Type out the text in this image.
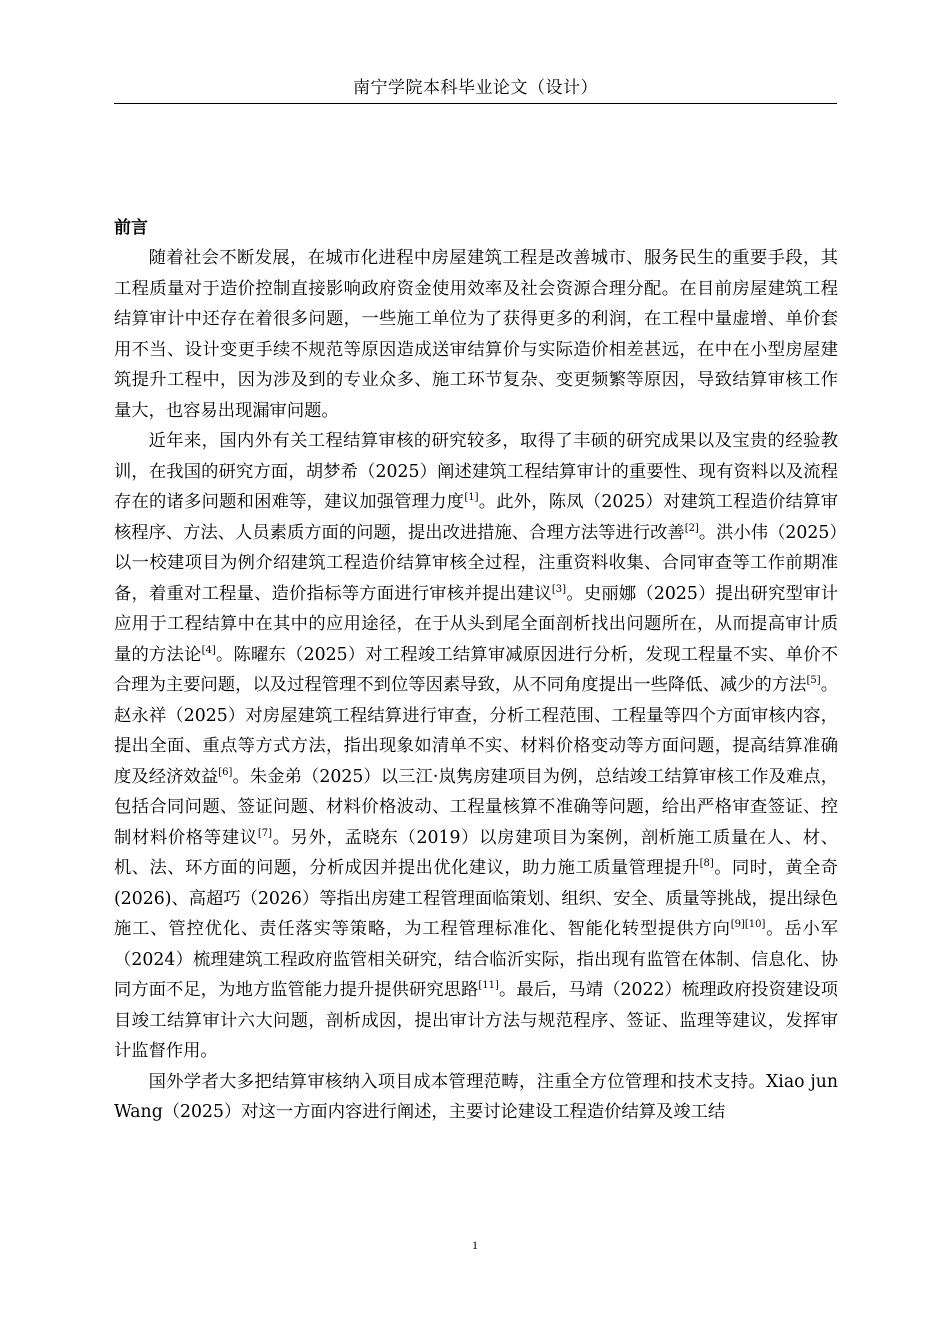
南宁学院本科毕业论文（设计）
前言

随着社会不断发展，在城市化进程中房屋建筑工程是改善城市、服务民生的重要手段，其工程质量对于造价控制直接影响政府资金使用效率及社会资源合理分配。在目前房屋建筑工程结算审计中还存在着很多问题，一些施工单位为了获得更多的利润，在工程中量虚增、单价套用不当、设计变更手续不规范等原因造成送审结算价与实际造价相差甚远，在中在小型房屋建筑提升工程中，因为涉及到的专业众多、施工环节复杂、变更频繁等原因，导致结算审核工作量大，也容易出现漏审问题。

近年来，国内外有关工程结算审核的研究较多，取得了丰硕的研究成果以及宝贵的经验教训，在我国的研究方面，胡梦希（2025）阐述建筑工程结算审计的重要性、现有资料以及流程存在的诸多问题和困难等，建议加强管理力度[1]。此外，陈凤（2025）对建筑工程造价结算审核程序、方法、人员素质方面的问题，提出改进措施、合理方法等进行改善[2]。洪小伟（2025）以一校建项目为例介绍建筑工程造价结算审核全过程，注重资料收集、合同审查等工作前期准备，着重对工程量、造价指标等方面进行审核并提出建议[3]。史丽娜（2025）提出研究型审计应用于工程结算中在其中的应用途径，在于从头到尾全面剖析找出问题所在，从而提高审计质量的方法论[4]。陈曜东（2025）对工程竣工结算审减原因进行分析，发现工程量不实、单价不合理为主要问题，以及过程管理不到位等因素导致，从不同角度提出一些降低、减少的方法[5]。赵永祥（2025）对房屋建筑工程结算进行审查，分析工程范围、工程量等四个方面审核内容，提出全面、重点等方式方法，指出现象如清单不实、材料价格变动等方面问题，提高结算准确度及经济效益[6]。朱金弟（2025）以三江·岚隽房建项目为例，总结竣工结算审核工作及难点，包括合同问题、签证问题、材料价格波动、工程量核算不准确等问题，给出严格审查签证、控制材料价格等建议[7]。另外，孟晓东（2019）以房建项目为案例，剖析施工质量在人、材、机、法、环方面的问题，分析成因并提出优化建议，助力施工质量管理提升[8]。同时，黄全奇(2026)、高超巧（2026）等指出房建工程管理面临策划、组织、安全、质量等挑战，提出绿色施工、管控优化、责任落实等策略，为工程管理标准化、智能化转型提供方向[9][10]。岳小军（2024）梳理建筑工程政府监管相关研究，结合临沂实际，指出现有监管在体制、信息化、协同方面不足，为地方监管能力提升提供研究思路[11]。最后，马靖（2022）梳理政府投资建设项目竣工结算审计六大问题，剖析成因，提出审计方法与规范程序、签证、监理等建议，发挥审计监督作用。

国外学者大多把结算审核纳入项目成本管理范畴，注重全方位管理和技术支持。Xiao jun Wang（2025）对这一方面内容进行阐述，主要讨论建设工程造价结算及竣工结

1
